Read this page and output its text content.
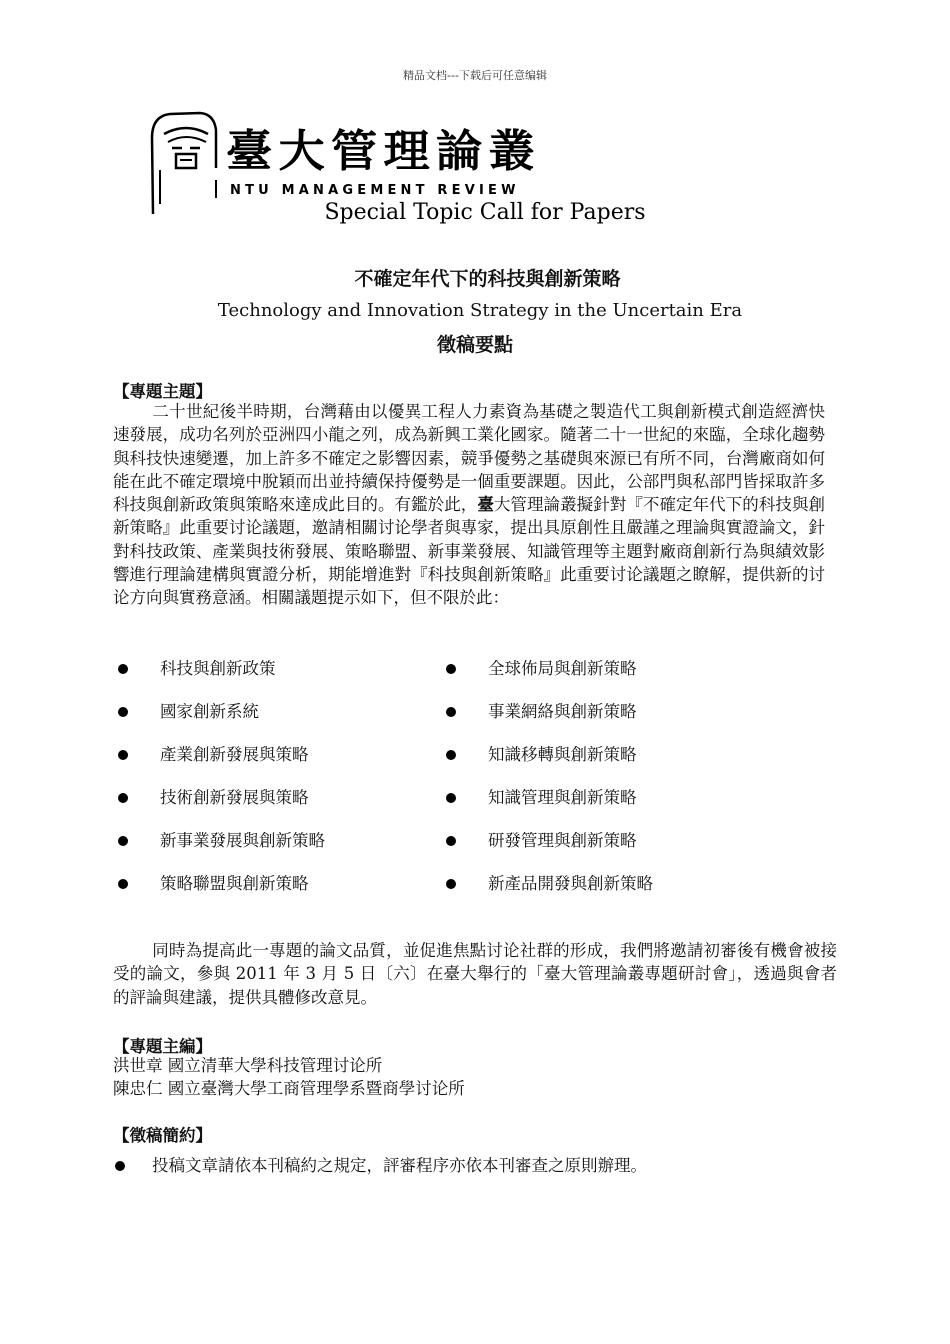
精品文档---下载后可任意编辑
臺大管理論叢
NTU MANAGEMENT REVIEW
Special Topic Call for Papers
不確定年代下的科技與創新策略
Technology and Innovation Strategy in the Uncertain Era
徵稿要點
【專題主題】

二十世紀後半時期，台灣藉由以優異工程人力素資為基礎之製造代工與創新模式創造經濟快速發展，成功名列於亞洲四小龍之列，成為新興工業化國家。隨著二十一世紀的來臨，全球化趨勢與科技快速變遷，加上許多不確定之影響因素，競爭優勢之基礎與來源已有所不同，台灣廠商如何能在此不確定環境中脫穎而出並持續保持優勢是一個重要課題。因此，公部門與私部門皆採取許多科技與創新政策與策略來達成此目的。有鑑於此，臺大管理論叢擬針對『不確定年代下的科技與創新策略』此重要讨论議題，邀請相關讨论學者與專家，提出具原創性且嚴謹之理論與實證論文，針對科技政策、產業與技術發展、策略聯盟、新事業發展、知識管理等主題對廠商創新行為與績效影響進行理論建構與實證分析，期能增進對『科技與創新策略』此重要讨论議題之瞭解，提供新的讨论方向與實務意涵。相關議題提示如下，但不限於此：

科技與創新政策
國家創新系統
產業創新發展與策略
技術創新發展與策略
新事業發展與創新策略
策略聯盟與創新策略
全球佈局與創新策略
事業網絡與創新策略
知識移轉與創新策略
知識管理與創新策略
研發管理與創新策略
新產品開發與創新策略

同時為提高此一專題的論文品質，並促進焦點讨论社群的形成，我們將邀請初審後有機會被接受的論文，參與 2011 年 3 月 5 日〔六〕在臺大舉行的「臺大管理論叢專題研討會」，透過與會者的評論與建議，提供具體修改意見。

【專題主編】
洪世章 國立清華大學科技管理讨论所
陳忠仁 國立臺灣大學工商管理學系暨商學讨论所
【徵稿簡約】
投稿文章請依本刊稿約之規定，評審程序亦依本刊審查之原則辦理。
